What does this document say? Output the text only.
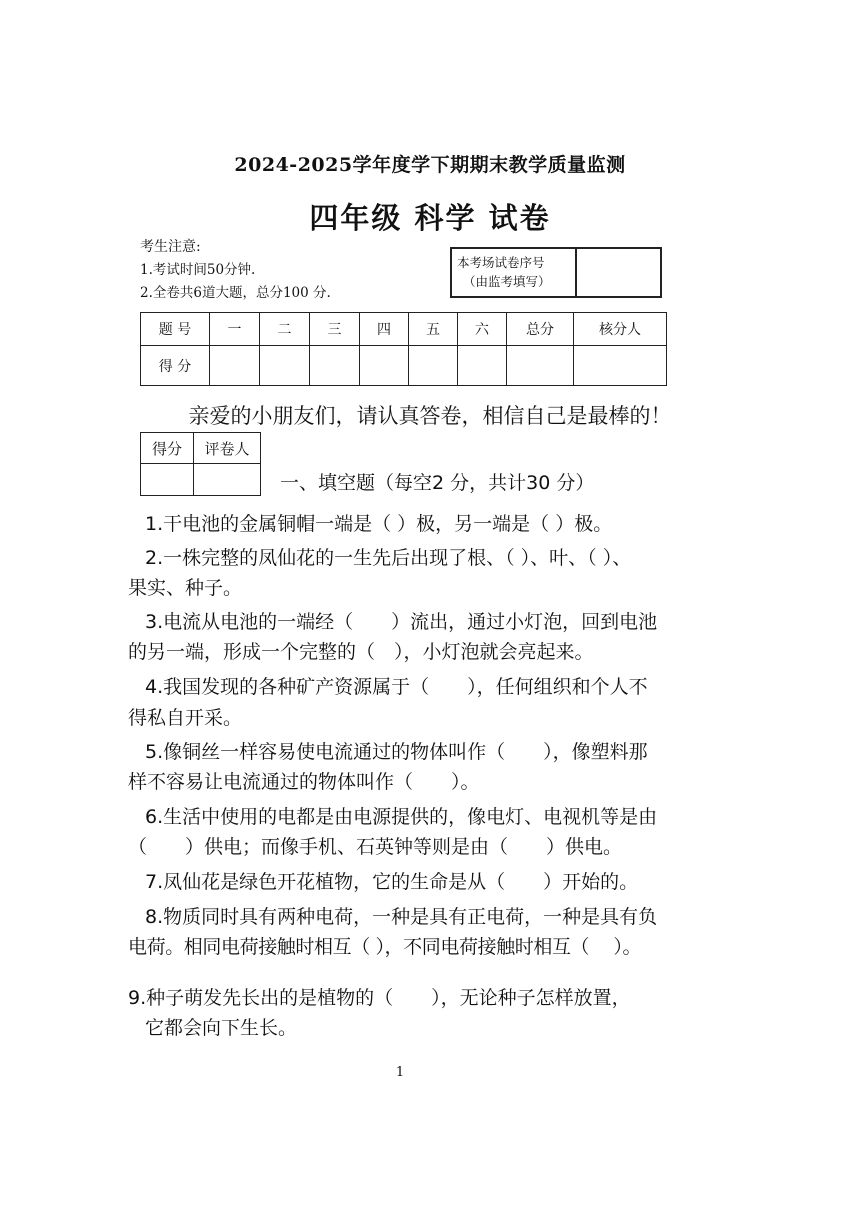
2024-2025学年度学下期期末教学质量监测
四年级 科学 试卷
考生注意:
1.考试时间50分钟.
2.全卷共6道大题，总分100 分.
本考场试卷序号
（由监考填写）
题 号	一	二	三	四	五	六	总分	核分人
得 分								
亲爱的小朋友们，请认真答卷，相信自己是最棒的！
得分	评卷人

一、填空题（每空2 分，共计30 分）
1.干电池的金属铜帽一端是（ ）极，另一端是（ ）极。
2.一株完整的凤仙花的一生先后出现了根、（ ）、叶、（ ）、
果实、种子。
3.电流从电池的一端经（　　）流出，通过小灯泡，回到电池
的另一端，形成一个完整的（　），小灯泡就会亮起来。
4.我国发现的各种矿产资源属于（　　），任何组织和个人不
得私自开采。
5.像铜丝一样容易使电流通过的物体叫作（　　），像塑料那
样不容易让电流通过的物体叫作（　　）。
6.生活中使用的电都是由电源提供的，像电灯、电视机等是由
（　　）供电；而像手机、石英钟等则是由（　　）供电。
7.凤仙花是绿色开花植物，它的生命是从（　　）开始的。
8.物质同时具有两种电荷，一种是具有正电荷，一种是具有负
电荷。相同电荷接触时相互（ ），不同电荷接触时相互（　 ）。
9.种子萌发先长出的是植物的（　　），无论种子怎样放置，
它都会向下生长。
1
